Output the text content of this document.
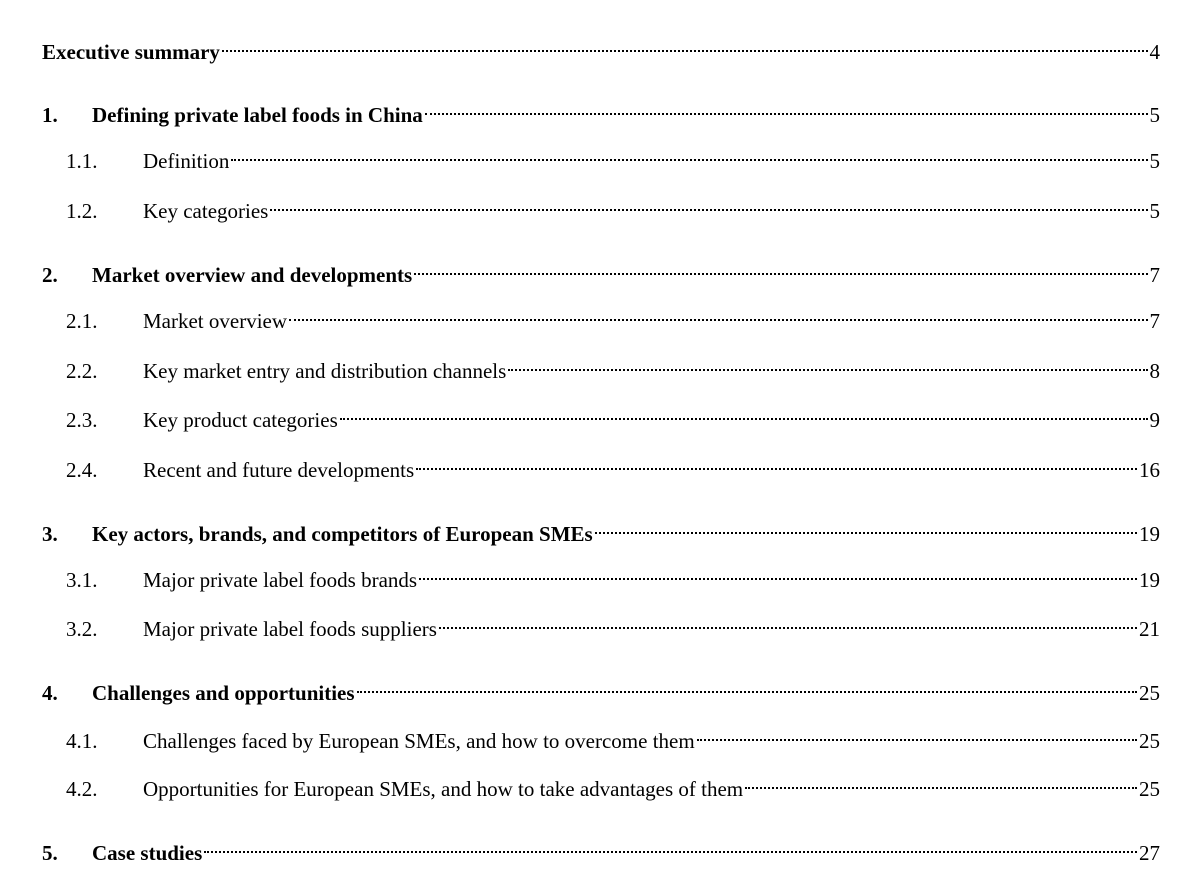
Executive summary	4
1.	Defining private label foods in China	5
1.1.	Definition	5
1.2.	Key categories	5
2.	Market overview and developments	7
2.1.	Market overview	7
2.2.	Key market entry and distribution channels	8
2.3.	Key product categories	9
2.4.	Recent and future developments	16
3.	Key actors, brands, and competitors of European SMEs	19
3.1.	Major private label foods brands	19
3.2.	Major private label foods suppliers	21
4.	Challenges and opportunities	25
4.1.	Challenges faced by European SMEs, and how to overcome them	25
4.2.	Opportunities for European SMEs, and how to take advantages of them	25
5.	Case studies	27
